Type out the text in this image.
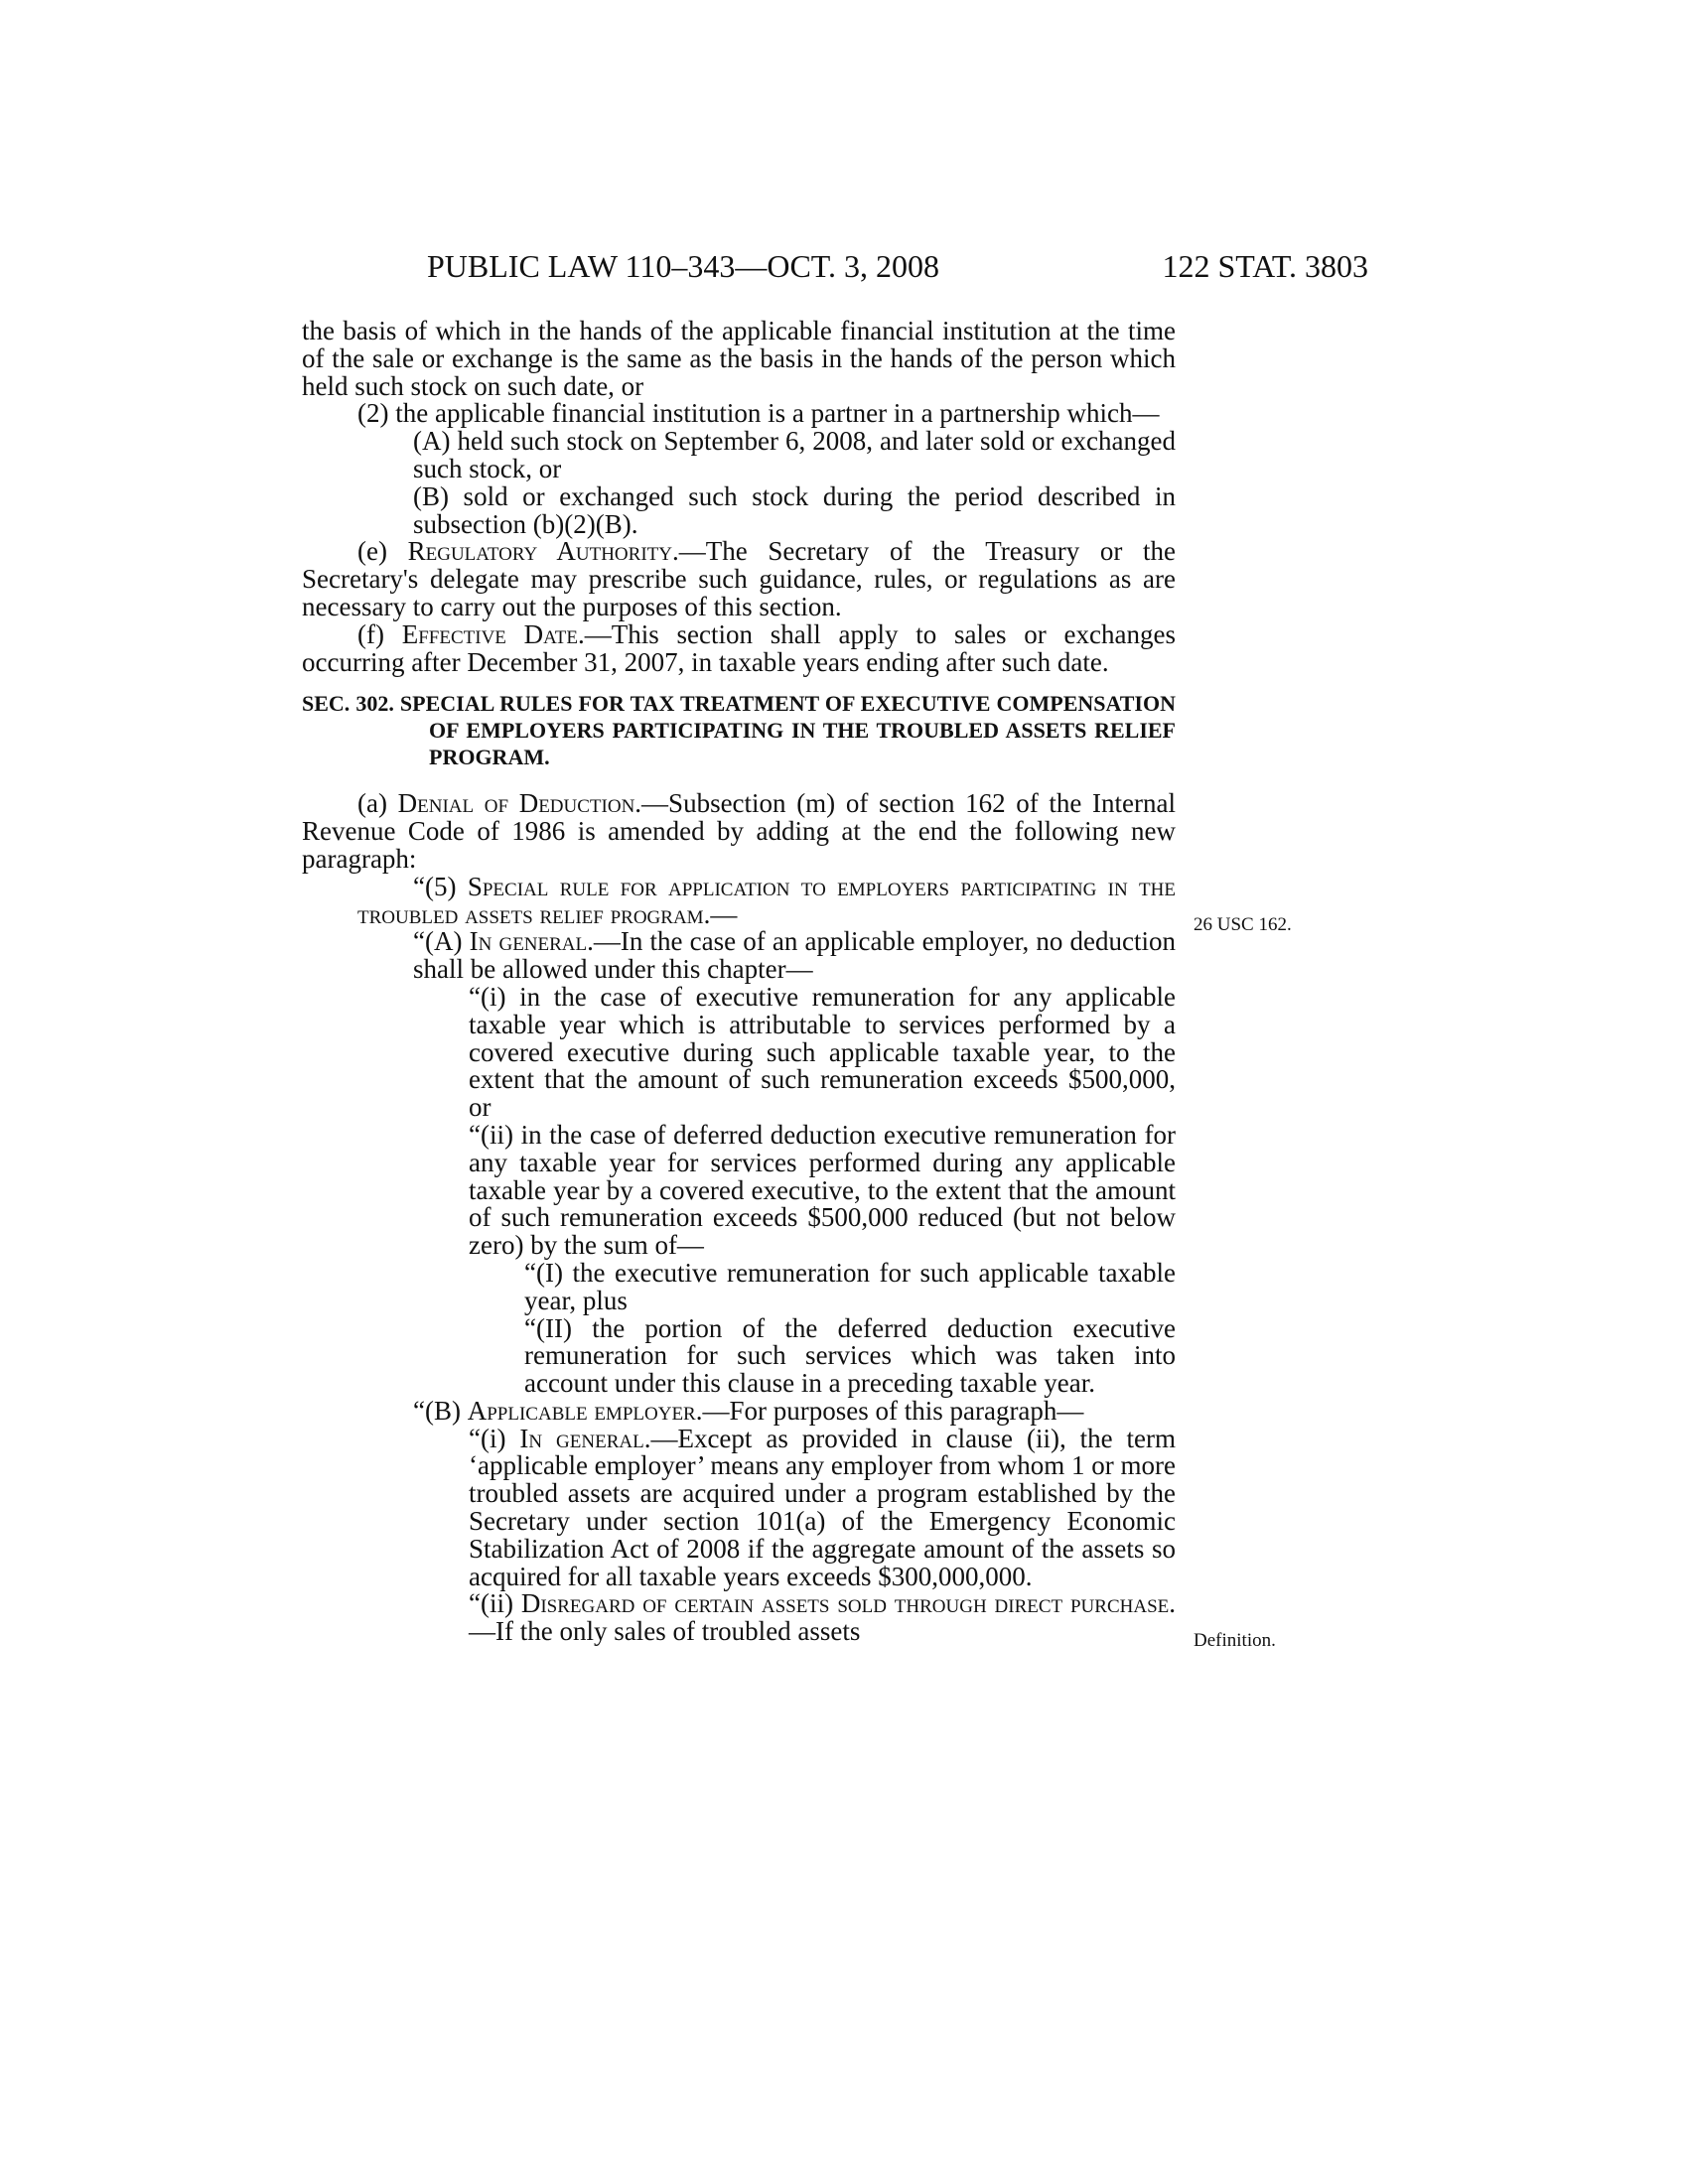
PUBLIC LAW 110–343—OCT. 3, 2008	122 STAT. 3803
26 USC 162.
Definition.

the basis of which in the hands of the applicable financial institution at the time of the sale or exchange is the same as the basis in the hands of the person which held such stock on such date, or

(2) the applicable financial institution is a partner in a partnership which—

(A) held such stock on September 6, 2008, and later sold or exchanged such stock, or

(B) sold or exchanged such stock during the period described in subsection (b)(2)(B).

(e) Regulatory Authority.—The Secretary of the Treasury or the Secretary's delegate may prescribe such guidance, rules, or regulations as are necessary to carry out the purposes of this section.

(f) Effective Date.—This section shall apply to sales or exchanges occurring after December 31, 2007, in taxable years ending after such date.

SEC. 302. SPECIAL RULES FOR TAX TREATMENT OF EXECUTIVE COMPENSATION OF EMPLOYERS PARTICIPATING IN THE TROUBLED ASSETS RELIEF PROGRAM.

(a) Denial of Deduction.—Subsection (m) of section 162 of the Internal Revenue Code of 1986 is amended by adding at the end the following new paragraph:

“(5) Special rule for application to employers participating in the troubled assets relief program.—

“(A) In general.—In the case of an applicable employer, no deduction shall be allowed under this chapter—

“(i) in the case of executive remuneration for any applicable taxable year which is attributable to services performed by a covered executive during such applicable taxable year, to the extent that the amount of such remuneration exceeds $500,000, or

“(ii) in the case of deferred deduction executive remuneration for any taxable year for services performed during any applicable taxable year by a covered executive, to the extent that the amount of such remuneration exceeds $500,000 reduced (but not below zero) by the sum of—

“(I) the executive remuneration for such applicable taxable year, plus

“(II) the portion of the deferred deduction executive remuneration for such services which was taken into account under this clause in a preceding taxable year.

“(B) Applicable employer.—For purposes of this paragraph—

“(i) In general.—Except as provided in clause (ii), the term ‘applicable employer’ means any employer from whom 1 or more troubled assets are acquired under a program established by the Secretary under section 101(a) of the Emergency Economic Stabilization Act of 2008 if the aggregate amount of the assets so acquired for all taxable years exceeds $300,000,000.

“(ii) Disregard of certain assets sold through direct purchase.—If the only sales of troubled assets
